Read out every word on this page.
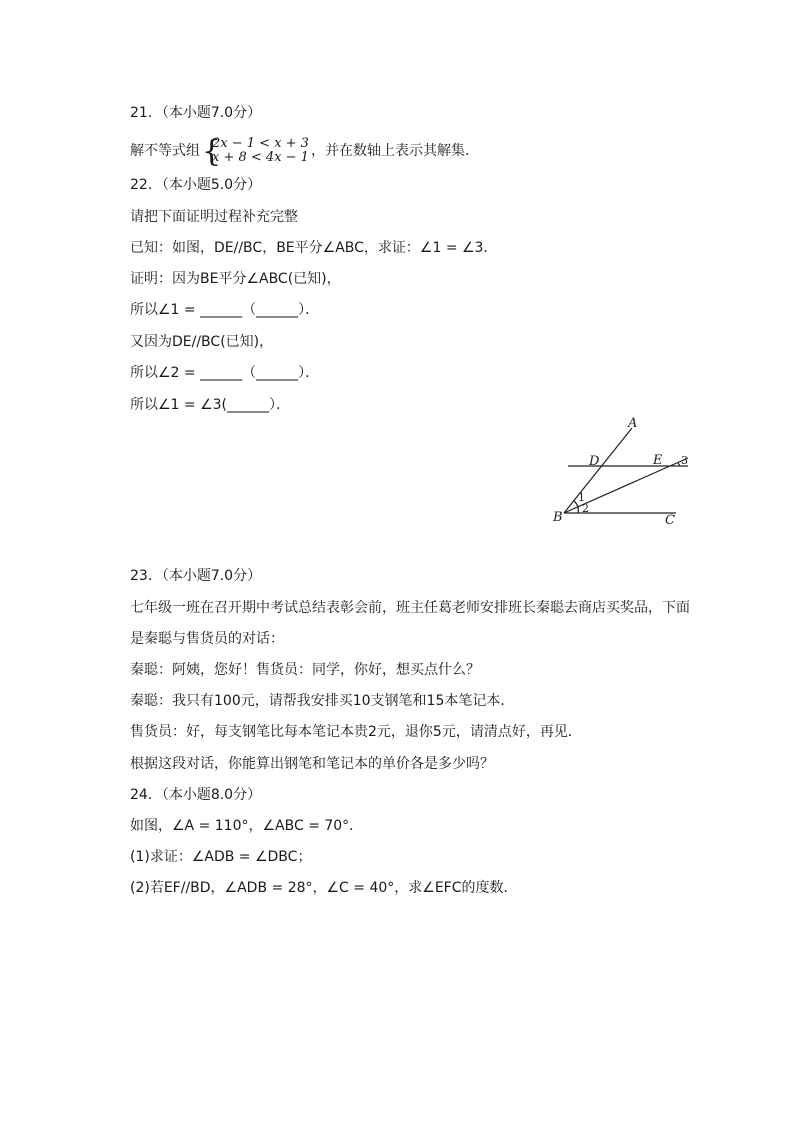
21．（本小题7.0分）
解不等式组 {
2x − 1 < x + 3
x + 8 < 4x − 1 ，并在数轴上表示其解集．
22．（本小题5.0分）
请把下面证明过程补充完整
已知：如图，DE//BC，BE平分∠ABC，求证：∠1 = ∠3．
证明：因为BE平分∠ABC(已知)，
所以∠1 = ______（______）．
又因为DE//BC(已知)，
所以∠2 = ______（______）．
所以∠1 = ∠3(______）．
A
D	E
B	C
3
1
2
23．（本小题7.0分）
七年级一班在召开期中考试总结表彰会前，班主任葛老师安排班长秦聪去商店买奖品，下面
是秦聪与售货员的对话：
秦聪：阿姨，您好！售货员：同学，你好，想买点什么？
秦聪：我只有100元，请帮我安排买10支钢笔和15本笔记本．
售货员：好，每支钢笔比每本笔记本贵2元，退你5元，请清点好，再见．
根据这段对话，你能算出钢笔和笔记本的单价各是多少吗？
24．（本小题8.0分）
如图，∠A = 110°，∠ABC = 70°．
(1)求证：∠ADB = ∠DBC；
(2)若EF//BD，∠ADB = 28°，∠C = 40°，求∠EFC的度数．
